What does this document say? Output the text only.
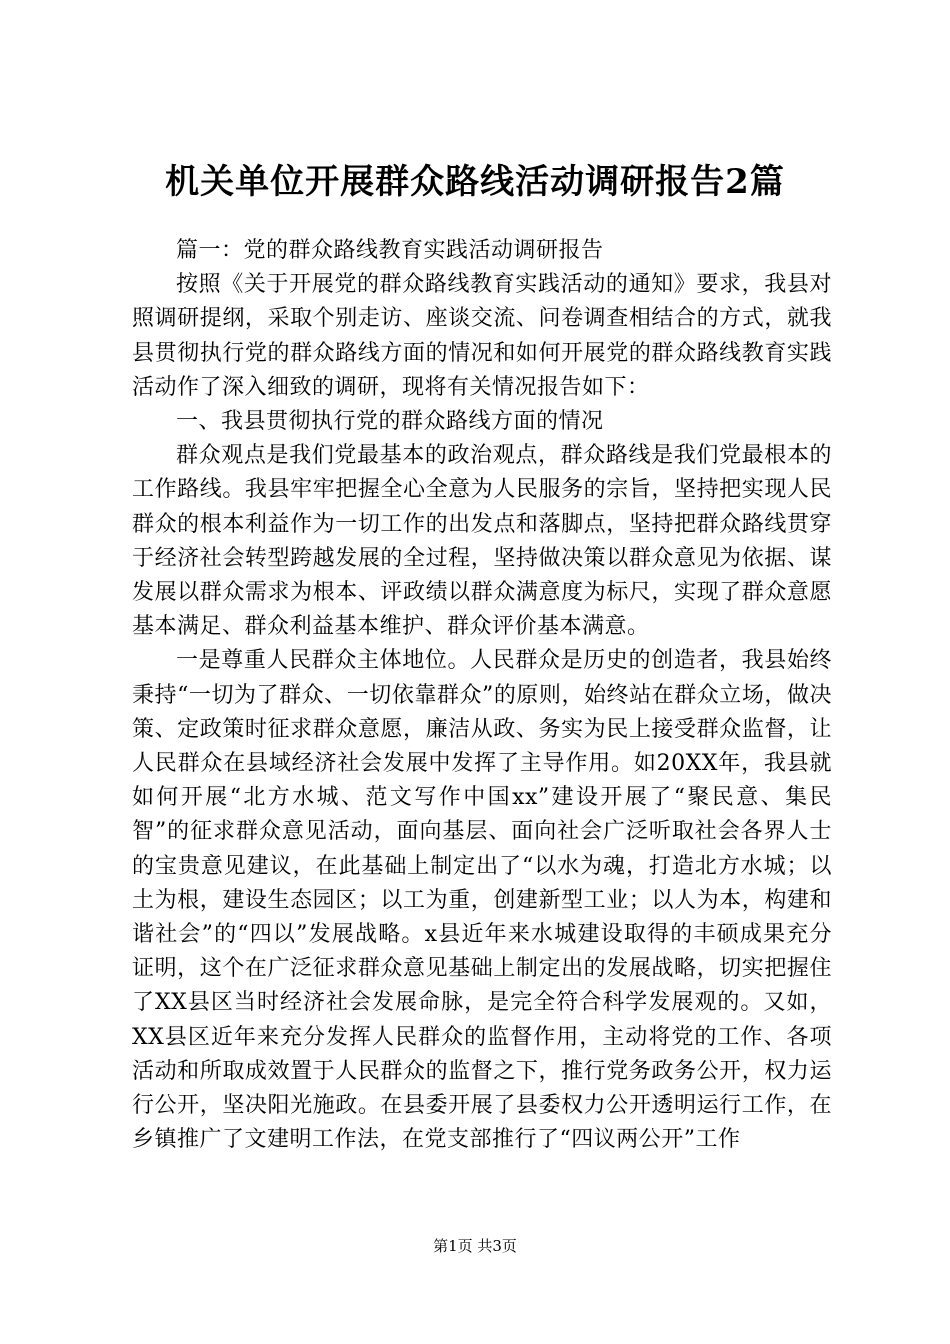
机关单位开展群众路线活动调研报告2篇

篇一：党的群众路线教育实践活动调研报告

按照《关于开展党的群众路线教育实践活动的通知》要求，我县对照调研提纲，采取个别走访、座谈交流、问卷调查相结合的方式，就我县贯彻执行党的群众路线方面的情况和如何开展党的群众路线教育实践活动作了深入细致的调研，现将有关情况报告如下：

一、我县贯彻执行党的群众路线方面的情况

群众观点是我们党最基本的政治观点，群众路线是我们党最根本的工作路线。我县牢牢把握全心全意为人民服务的宗旨，坚持把实现人民群众的根本利益作为一切工作的出发点和落脚点，坚持把群众路线贯穿于经济社会转型跨越发展的全过程，坚持做决策以群众意见为依据、谋发展以群众需求为根本、评政绩以群众满意度为标尺，实现了群众意愿基本满足、群众利益基本维护、群众评价基本满意。

一是尊重人民群众主体地位。人民群众是历史的创造者，我县始终秉持“一切为了群众、一切依靠群众”的原则，始终站在群众立场，做决策、定政策时征求群众意愿，廉洁从政、务实为民上接受群众监督，让人民群众在县域经济社会发展中发挥了主导作用。如20XX年，我县就如何开展“北方水城、范文写作中国xx”建设开展了“聚民意、集民智”的征求群众意见活动，面向基层、面向社会广泛听取社会各界人士的宝贵意见建议，在此基础上制定出了“以水为魂，打造北方水城；以土为根，建设生态园区；以工为重，创建新型工业；以人为本，构建和谐社会”的“四以”发展战略。x县近年来水城建设取得的丰硕成果充分证明，这个在广泛征求群众意见基础上制定出的发展战略，切实把握住了XX县区当时经济社会发展命脉，是完全符合科学发展观的。又如，XX县区近年来充分发挥人民群众的监督作用，主动将党的工作、各项活动和所取成效置于人民群众的监督之下，推行党务政务公开，权力运行公开，坚决阳光施政。在县委开展了县委权力公开透明运行工作，在乡镇推广了文建明工作法，在党支部推行了“四议两公开”工作

第1页 共3页
